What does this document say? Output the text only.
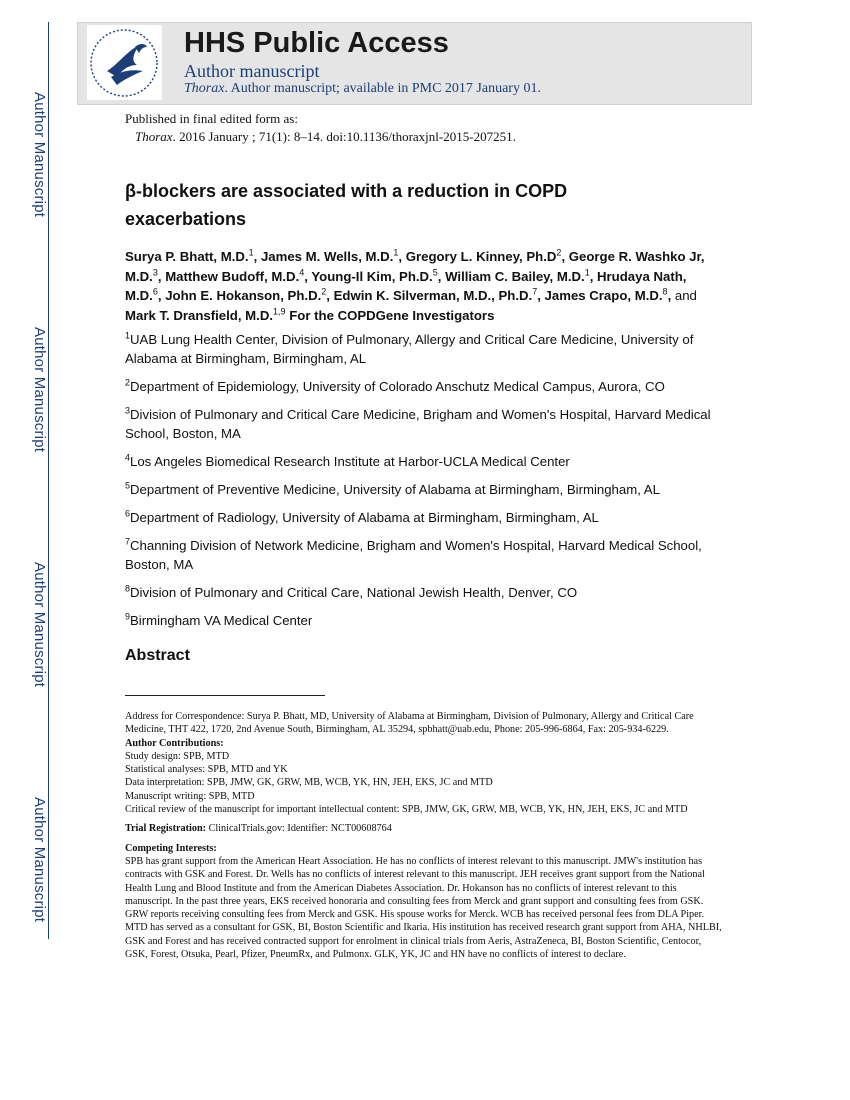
Author Manuscript
Author Manuscript
Author Manuscript
Author Manuscript
HHS Public Access
Author manuscript
Thorax. Author manuscript; available in PMC 2017 January 01.
Published in final edited form as:
Thorax. 2016 January ; 71(1): 8–14. doi:10.1136/thoraxjnl-2015-207251.
β-blockers are associated with a reduction in COPD exacerbations
Surya P. Bhatt, M.D.$^1$, James M. Wells, M.D.$^1$, Gregory L. Kinney, $Ph.D^2$, George R. Washko Jr, M.D.$^3$, Matthew Budoff, M.D.$^4$, Young-Il Kim, Ph.D.$^5$, William C. Bailey, M.D.$^1$, Hrudaya Nath, M.D.$^6$, John E. Hokanson, Ph.D.$^2$, Edwin K. Silverman, M.D., Ph.D.$^7$, James Crapo, M.D.$^8$, and Mark T. Dransfield, M.D.$^{1,9}$ For the COPDGene Investigators
$^1$UAB Lung Health Center, Division of Pulmonary, Allergy and Critical Care Medicine, University of Alabama at Birmingham, Birmingham, AL
$^2$Department of Epidemiology, University of Colorado Anschutz Medical Campus, Aurora, CO
$^3$Division of Pulmonary and Critical Care Medicine, Brigham and Women's Hospital, Harvard Medical School, Boston, MA
$^4$Los Angeles Biomedical Research Institute at Harbor-UCLA Medical Center
$^5$Department of Preventive Medicine, University of Alabama at Birmingham, Birmingham, AL
$^6$Department of Radiology, University of Alabama at Birmingham, Birmingham, AL
$^7$Channing Division of Network Medicine, Brigham and Women's Hospital, Harvard Medical School, Boston, MA
$^8$Division of Pulmonary and Critical Care, National Jewish Health, Denver, CO
$^9$Birmingham VA Medical Center
Abstract

Address for Correspondence: Surya P. Bhatt, MD, University of Alabama at Birmingham, Division of Pulmonary, Allergy and Critical Care Medicine, THT 422, 1720, 2nd Avenue South, Birmingham, AL 35294, spbhatt@uab.edu, Phone: 205-996-6864, Fax: 205-934-6229.

Author Contributions:

Study design: SPB, MTD

Statistical analyses: SPB, MTD and YK

Data interpretation: SPB, JMW, GK, GRW, MB, WCB, YK, HN, JEH, EKS, JC and MTD

Manuscript writing: SPB, MTD

Critical review of the manuscript for important intellectual content: SPB, JMW, GK, GRW, MB, WCB, YK, HN, JEH, EKS, JC and MTD

Trial Registration: ClinicalTrials.gov: Identifier: NCT00608764

Competing Interests:

SPB has grant support from the American Heart Association. He has no conflicts of interest relevant to this manuscript. JMW's institution has contracts with GSK and Forest. Dr. Wells has no conflicts of interest relevant to this manuscript. JEH receives grant support from the National Health Lung and Blood Institute and from the American Diabetes Association. Dr. Hokanson has no conflicts of interest relevant to this manuscript. In the past three years, EKS received honoraria and consulting fees from Merck and grant support and consulting fees from GSK. GRW reports receiving consulting fees from Merck and GSK. His spouse works for Merck. WCB has received personal fees from DLA Piper. MTD has served as a consultant for GSK, BI, Boston Scientific and Ikaria. His institution has received research grant support from AHA, NHLBI, GSK and Forest and has received contracted support for enrolment in clinical trials from Aeris, AstraZeneca, BI, Boston Scientific, Centocor, GSK, Forest, Otsuka, Pearl, Pfizer, PneumRx, and Pulmonx. GLK, YK, JC and HN have no conflicts of interest to declare.
